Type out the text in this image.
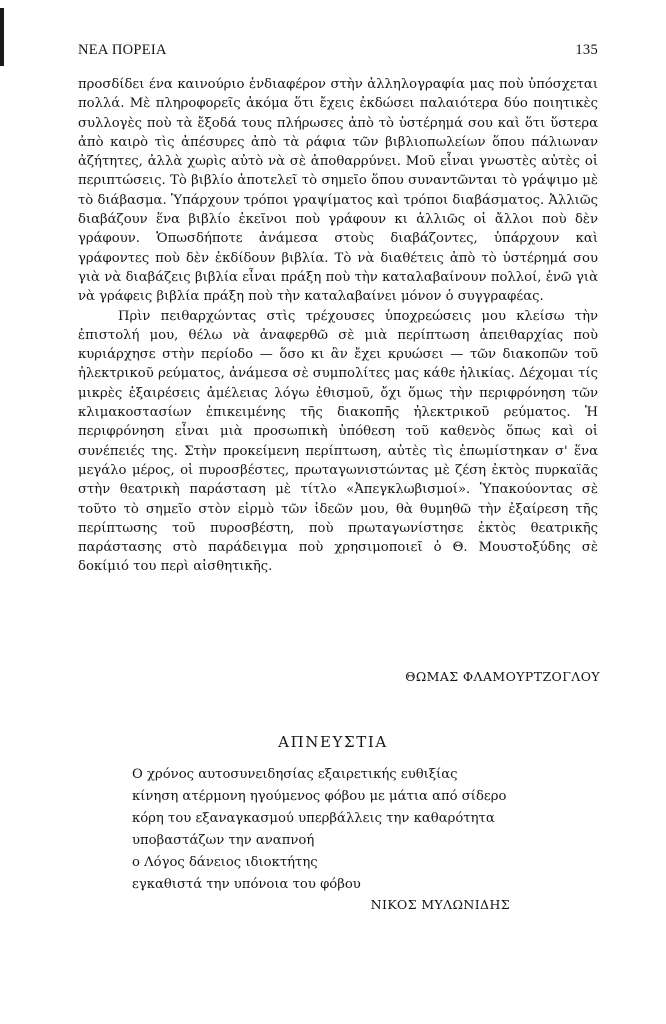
ΝΕΑ ΠΟΡΕΙΑ	135

προσδίδει ένα καινούριο ἐνδιαφέρον στὴν ἀλληλογραφία μας ποὺ ὑπόσχεται πολλά. Μὲ πληροφορεῖς ἀκόμα ὅτι ἔχεις ἐκδώσει παλαιότερα δύο ποιητικὲς συλλογὲς ποὺ τὰ ἔξοδά τους πλήρωσες ἀπὸ τὸ ὑστέρημά σου καὶ ὅτι ὕστερα ἀπὸ καιρὸ τὶς ἀπέσυρες ἀπὸ τὰ ράφια τῶν βιβλιοπωλείων ὅπου πάλιωναν ἀζήτητες, ἀλλὰ χωρὶς αὐτὸ νὰ σὲ ἀποθαρρύνει. Μοῦ εἶναι γνωστὲς αὐτὲς οἱ περιπτώσεις. Τὸ βιβλίο ἀποτελεῖ τὸ σημεῖο ὅπου συναντῶνται τὸ γράψιμο μὲ τὸ διάβασμα. Ὑπάρχουν τρόποι γραψίματος καὶ τρόποι διαβάσματος. Ἀλλιῶς διαβάζουν ἕνα βιβλίο ἐκεῖνοι ποὺ γράφουν κι ἀλλιῶς οἱ ἄλλοι ποὺ δὲν γράφουν. Ὁπωσδήποτε ἀνάμεσα στοὺς διαβάζοντες, ὑπάρχουν καὶ γράφοντες ποὺ δὲν ἐκδίδουν βιβλία. Τὸ νὰ διαθέτεις ἀπὸ τὸ ὑστέρημά σου γιὰ νὰ διαβάζεις βιβλία εἶναι πράξη ποὺ τὴν καταλαβαίνουν πολλοί, ἐνῶ γιὰ νὰ γράφεις βιβλία πράξη ποὺ τὴν καταλαβαίνει μόνον ὁ συγγραφέας.

Πρὶν πειθαρχώντας στὶς τρέχουσες ὑποχρεώσεις μου κλείσω τὴν ἐπιστολή μου, θέλω νὰ ἀναφερθῶ σὲ μιὰ περίπτωση ἀπειθαρχίας ποὺ κυριάρχησε στὴν περίοδο — ὅσο κι ἂν ἔχει κρυώσει — τῶν διακοπῶν τοῦ ἠλεκτρικοῦ ρεύματος, ἀνάμεσα σὲ συμπολίτες μας κάθε ἡλικίας. Δέχομαι τίς μικρὲς ἐξαιρέσεις ἀμέλειας λόγω ἐθισμοῦ, ὄχι ὅμως τὴν περιφρόνηση τῶν κλιμακοστασίων ἐπικειμένης τῆς διακοπῆς ἠλεκτρικοῦ ρεύματος. Ἡ περιφρόνηση εἶναι μιὰ προσωπικὴ ὑπόθεση τοῦ καθενὸς ὅπως καὶ οἱ συνέπειές της. Στὴν προκείμενη περίπτωση, αὐτὲς τὶς ἐπωμίστηκαν σ' ἕνα μεγάλο μέρος, οἱ πυροσβέστες, πρωταγωνιστώντας μὲ ζέση ἐκτὸς πυρκαϊᾶς στὴν θεατρικὴ παράσταση μὲ τίτλο «Ἀπεγκλωβισμοί». Ὑπακούοντας σὲ τοῦτο τὸ σημεῖο στὸν εἱρμὸ τῶν ἰδεῶν μου, θὰ θυμηθῶ τὴν ἐξαίρεση τῆς περίπτωσης τοῦ πυροσβέστη, ποὺ πρωταγωνίστησε ἐκτὸς θεατρικῆς παράστασης στὸ παράδειγμα ποὺ χρησιμοποιεῖ ὁ Θ. Μουστοξύδης σὲ δοκίμιό του περὶ αἰσθητικῆς.

ΘΩΜΑΣ ΦΛΑΜΟΥΡΤΖΟΓΛΟΥ
ΑΠΝΕΥΣΤΙΑ
Ο χρόνος αυτοσυνειδησίας εξαιρετικής ευθιξίας
κίνηση ατέρμονη ηγούμενος φόβου με μάτια από σίδερο
κόρη του εξαναγκασμού υπερβάλλεις την καθαρότητα
υποβαστάζων την αναπνοή
ο Λόγος δάνειος ιδιοκτήτης
εγκαθιστά την υπόνοια του φόβου
ΝΙΚΟΣ ΜΥΛΩΝΙΔΗΣ
